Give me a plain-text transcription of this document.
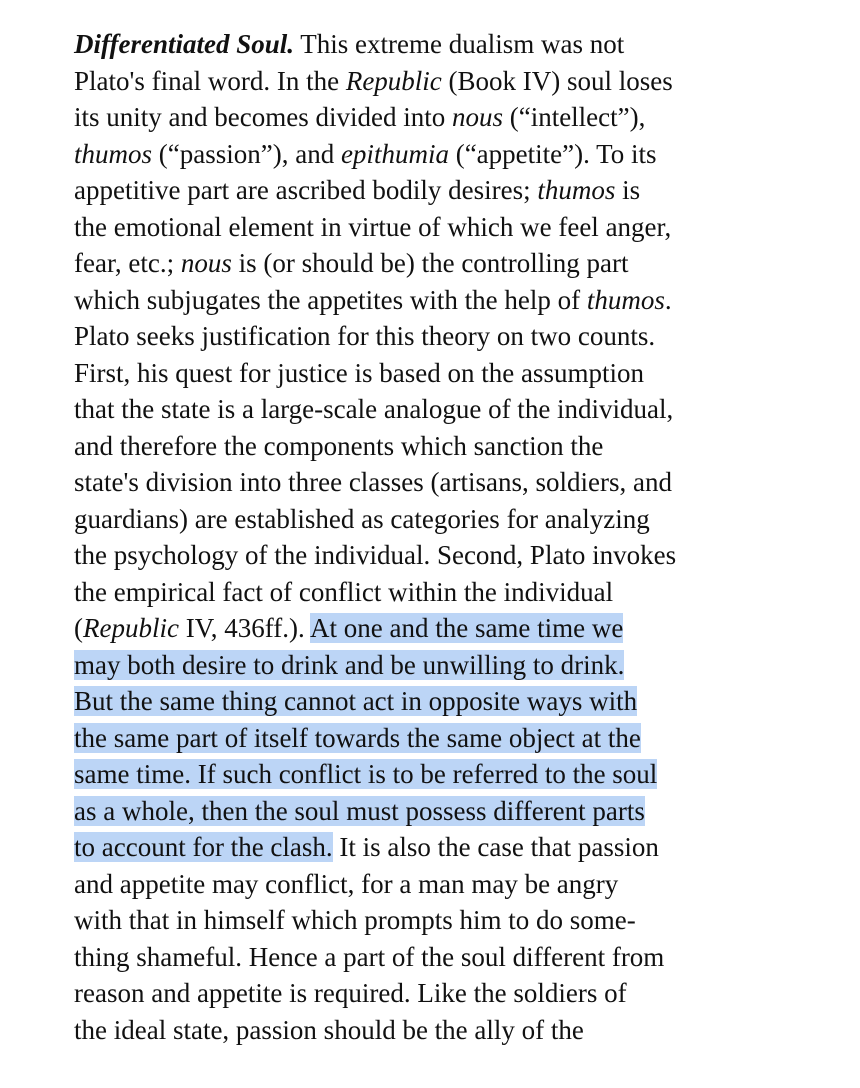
Differentiated Soul. This extreme dualism was not
Plato's final word. In the Republic (Book IV) soul loses
its unity and becomes divided into nous (“intellect”),
thumos (“passion”), and epithumia (“appetite”). To its
appetitive part are ascribed bodily desires; thumos is
the emotional element in virtue of which we feel anger,
fear, etc.; nous is (or should be) the controlling part
which subjugates the appetites with the help of thumos.
Plato seeks justification for this theory on two counts.
First, his quest for justice is based on the assumption
that the state is a large-scale analogue of the individual,
and therefore the components which sanction the
state's division into three classes (artisans, soldiers, and
guardians) are established as categories for analyzing
the psychology of the individual. Second, Plato invokes
the empirical fact of conflict within the individual
(Republic IV, 436ff.). At one and the same time we
may both desire to drink and be unwilling to drink.
But the same thing cannot act in opposite ways with
the same part of itself towards the same object at the
same time. If such conflict is to be referred to the soul
as a whole, then the soul must possess different parts
to account for the clash. It is also the case that passion
and appetite may conflict, for a man may be angry
with that in himself which prompts him to do some-
thing shameful. Hence a part of the soul different from
reason and appetite is required. Like the soldiers of
the ideal state, passion should be the ally of the
